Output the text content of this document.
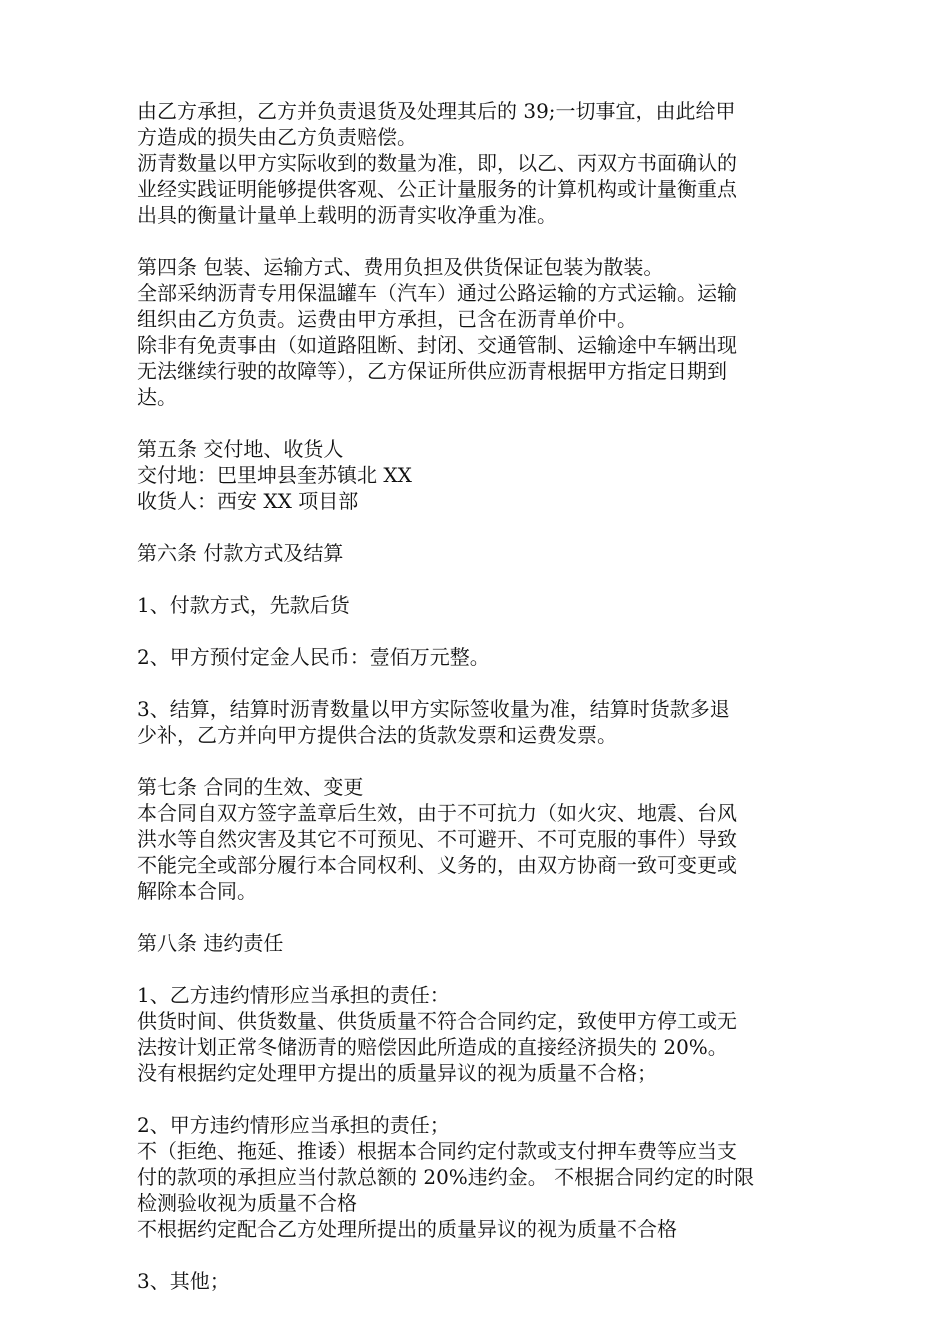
由乙方承担，乙方并负责退货及处理其后的 39;一切事宜，由此给甲
方造成的损失由乙方负责赔偿。
沥青数量以甲方实际收到的数量为准，即，以乙、丙双方书面确认的
业经实践证明能够提供客观、公正计量服务的计算机构或计量衡重点
出具的衡量计量单上载明的沥青实收净重为准。
第四条 包装、运输方式、费用负担及供货保证包装为散装。
全部采纳沥青专用保温罐车（汽车）通过公路运输的方式运输。运输
组织由乙方负责。运费由甲方承担，已含在沥青单价中。
除非有免责事由（如道路阻断、封闭、交通管制、运输途中车辆出现
无法继续行驶的故障等），乙方保证所供应沥青根据甲方指定日期到
达。
第五条 交付地、收货人
交付地：巴里坤县奎苏镇北 XX
收货人：西安 XX 项目部
第六条 付款方式及结算
1、付款方式，先款后货
2、甲方预付定金人民币：壹佰万元整。
3、结算，结算时沥青数量以甲方实际签收量为准，结算时货款多退
少补，乙方并向甲方提供合法的货款发票和运费发票。
第七条 合同的生效、变更
本合同自双方签字盖章后生效，由于不可抗力（如火灾、地震、台风
洪水等自然灾害及其它不可预见、不可避开、不可克服的事件）导致
不能完全或部分履行本合同权利、义务的，由双方协商一致可变更或
解除本合同。
第八条 违约责任
1、乙方违约情形应当承担的责任：
供货时间、供货数量、供货质量不符合合同约定，致使甲方停工或无
法按计划正常冬储沥青的赔偿因此所造成的直接经济损失的 20%。
没有根据约定处理甲方提出的质量异议的视为质量不合格；
2、甲方违约情形应当承担的责任；
不（拒绝、拖延、推诿）根据本合同约定付款或支付押车费等应当支
付的款项的承担应当付款总额的 20%违约金。 不根据合同约定的时限
检测验收视为质量不合格
不根据约定配合乙方处理所提出的质量异议的视为质量不合格
3、其他；
